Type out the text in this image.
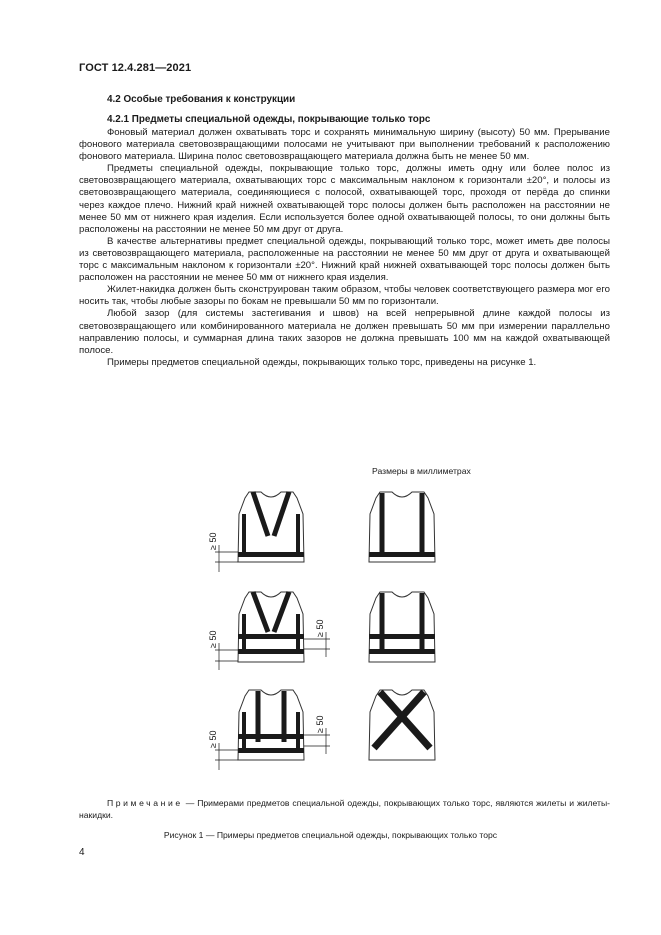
ГОСТ 12.4.281—2021
4.2 Особые требования к конструкции
4.2.1 Предметы специальной одежды, покрывающие только торс

Фоновый материал должен охватывать торс и сохранять минимальную ширину (высоту) 50 мм. Прерывание фонового материала световозвращающими полосами не учитывают при выполнении требований к расположению фонового материала. Ширина полос световозвращающего материала должна быть не менее 50 мм.

Предметы специальной одежды, покрывающие только торс, должны иметь одну или более полос из световозвращающего материала, охватывающих торс с максимальным наклоном к горизонтали ±20°, и полосы из световозвращающего материала, соединяющиеся с полосой, охватывающей торс, проходя от перёда до спинки через каждое плечо. Нижний край нижней охватывающей торс полосы должен быть расположен на расстоянии не менее 50 мм от нижнего края изделия. Если используется более одной охватывающей полосы, то они должны быть расположены на расстоянии не менее 50 мм друг от друга.

В качестве альтернативы предмет специальной одежды, покрывающий только торс, может иметь две полосы из световозвращающего материала, расположенные на расстоянии не менее 50 мм друг от друга и охватывающей торс с максимальным наклоном к горизонтали ±20°. Нижний край нижней охватывающей торс полосы должен быть расположен на расстоянии не менее 50 мм от нижнего края изделия.

Жилет-накидка должен быть сконструирован таким образом, чтобы человек соответствующего размера мог его носить так, чтобы любые зазоры по бокам не превышали 50 мм по горизонтали.

Любой зазор (для системы застегивания и швов) на всей непрерывной длине каждой полосы из световозвращающего или комбинированного материала не должен превышать 50 мм при измерении параллельно направлению полосы, и суммарная длина таких зазоров не должна превышать 100 мм на каждой охватывающей полосе.

Примеры предметов специальной одежды, покрывающих только торс, приведены на рисунке 1.

Размеры в миллиметрах
≥ 50
≥ 50
≥ 50
≥ 50
≥ 50
Примечание — Примерами предметов специальной одежды, покрывающих только торс, являются жилеты и жилеты-накидки.
Рисунок 1 — Примеры предметов специальной одежды, покрывающих только торс
4
